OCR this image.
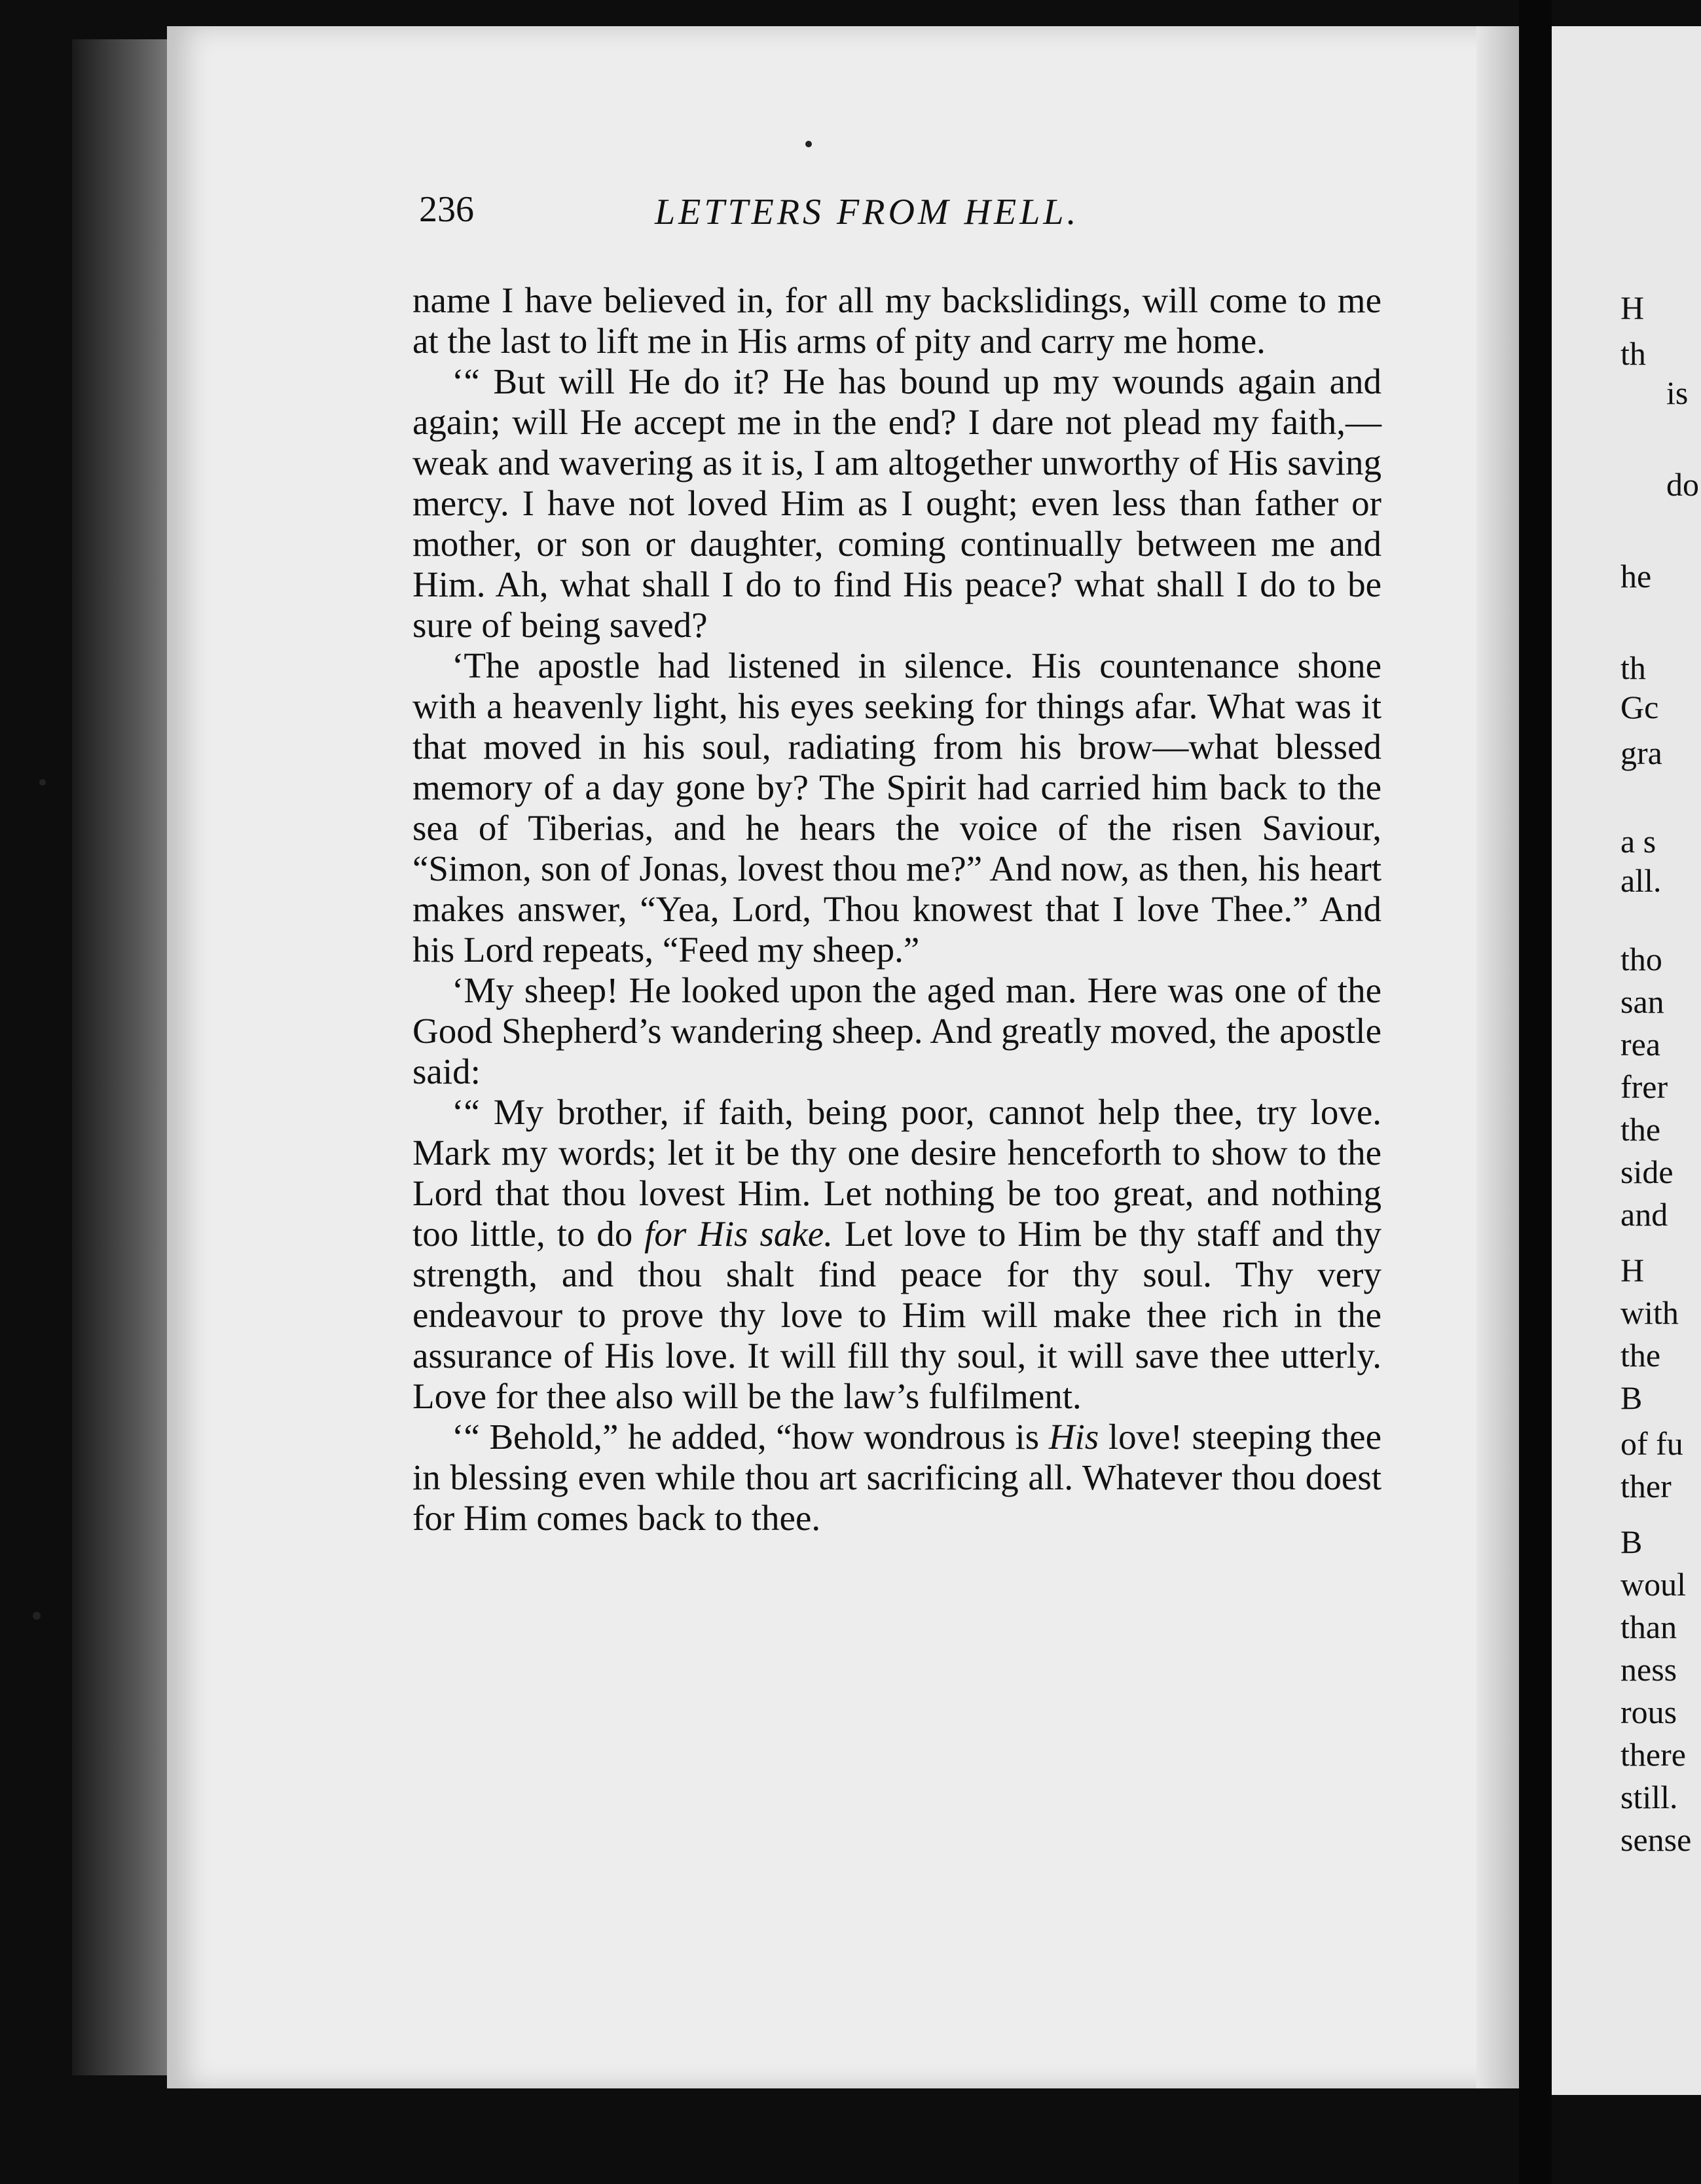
236	LETTERS FROM HELL.

name I have believed in, for all my backslidings, will come to me at the last to lift me in His arms of pity and carry me home.

‘“ But will He do it? He has bound up my wounds again and again; will He accept me in the end? I dare not plead my faith,—weak and wavering as it is, I am altogether unworthy of His saving mercy. I have not loved Him as I ought; even less than father or mother, or son or daughter, coming continually between me and Him. Ah, what shall I do to find His peace? what shall I do to be sure of being saved?

‘The apostle had listened in silence. His countenance shone with a heavenly light, his eyes seeking for things afar. What was it that moved in his soul, radiating from his brow—what blessed memory of a day gone by? The Spirit had carried him back to the sea of Tiberias, and he hears the voice of the risen Saviour, “Simon, son of Jonas, lovest thou me?” And now, as then, his heart makes answer, “Yea, Lord, Thou knowest that I love Thee.” And his Lord repeats, “Feed my sheep.”

‘My sheep! He looked upon the aged man. Here was one of the Good Shepherd’s wandering sheep. And greatly moved, the apostle said:

‘“ My brother, if faith, being poor, cannot help thee, try love. Mark my words; let it be thy one desire henceforth to show to the Lord that thou lovest Him. Let nothing be too great, and nothing too little, to do for His sake. Let love to Him be thy staff and thy strength, and thou shalt find peace for thy soul. Thy very endeavour to prove thy love to Him will make thee rich in the assurance of His love. It will fill thy soul, it will save thee utterly. Love for thee also will be the law’s fulfilment.

‘“ Behold,” he added, “how wondrous is His love! steeping thee in blessing even while thou art sacrificing all. Whatever thou doest for Him comes back to thee.

H
th
is
do
he
th
Gc
gra
a s
all.
tho
san
rea
frer
the
side
and
H
with
the
B
of fu
ther
B
woul
than
ness
rous
there
still.
sense
